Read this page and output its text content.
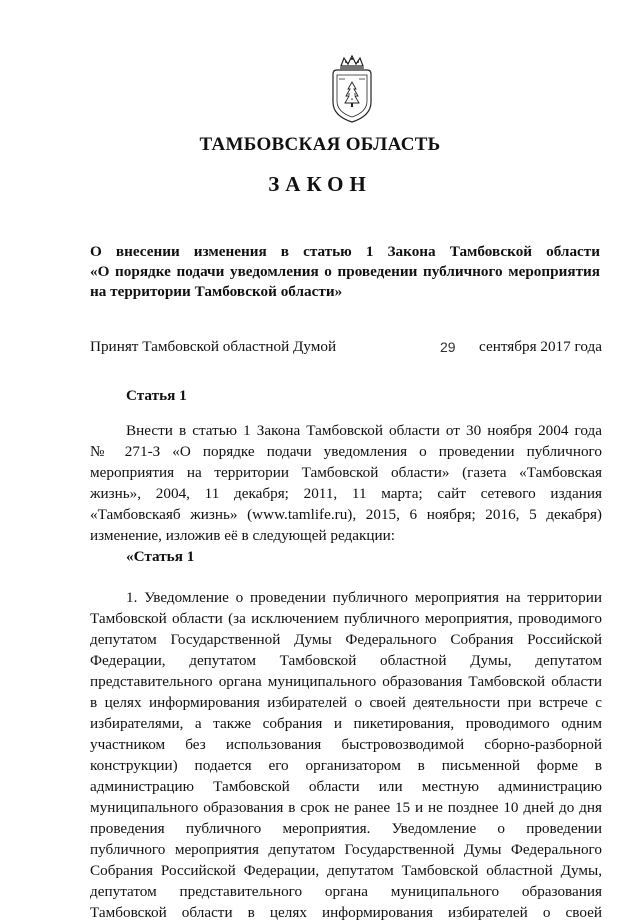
ТАМБОВСКАЯ ОБЛАСТЬ
ЗАКОН
О внесении изменения в статью 1 Закона Тамбовской области
«О порядке подачи уведомления о проведении публичного мероприятия
на территории Тамбовской области»
Принят Тамбовской областной Думой	29 сентября 2017 года
Статья 1
Внести в статью 1 Закона Тамбовской области от 30 ноября 2004 года
№ 271-З «О порядке подачи уведомления о проведении публичного
мероприятия на территории Тамбовской области» (газета «Тамбовская
жизнь», 2004, 11 декабря; 2011, 11 марта; сайт сетевого издания
«Тамбовскаяб жизнь» (www.tamlife.ru), 2015, 6 ноября; 2016, 5 декабря)
изменение, изложив её в следующей редакции:
«Статья 1
1. Уведомление о проведении публичного мероприятия на территории
Тамбовской области (за исключением публичного мероприятия, проводимого
депутатом Государственной Думы Федерального Собрания Российской
Федерации, депутатом Тамбовской областной Думы, депутатом
представительного органа муниципального образования Тамбовской области
в целях информирования избирателей о своей деятельности при встрече с
избирателями, а также собрания и пикетирования, проводимого одним
участником без использования быстровозводимой сборно-разборной
конструкции) подается его организатором в письменной форме в
администрацию Тамбовской области или местную администрацию
муниципального образования в срок не ранее 15 и не позднее 10 дней до дня
проведения публичного мероприятия. Уведомление о проведении
публичного мероприятия депутатом Государственной Думы Федерального
Собрания Российской Федерации, депутатом Тамбовской областной Думы,
депутатом представительного органа муниципального образования
Тамбовской области в целях информирования избирателей о своей
